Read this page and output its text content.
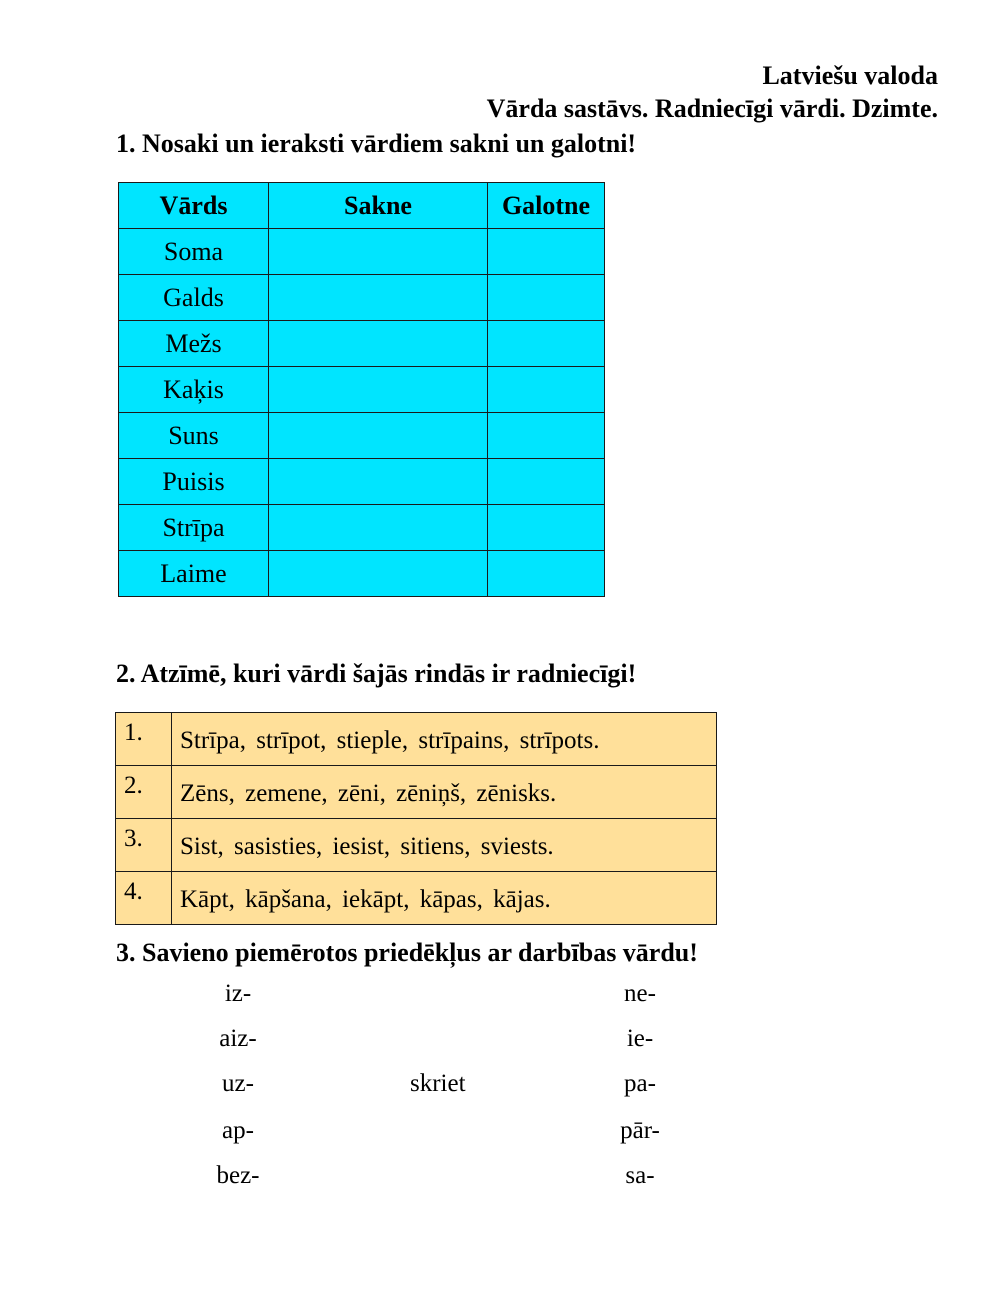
Latviešu valoda
Vārda sastāvs. Radniecīgi vārdi. Dzimte.
1. Nosaki un ieraksti vārdiem sakni un galotni!
Vārds	Sakne	Galotne
Soma		
Galds		
Mežs		
Kaķis		
Suns		
Puisis		
Strīpa		
Laime		
2. Atzīmē, kuri vārdi šajās rindās ir radniecīgi!
1.	Strīpa, strīpot, stieple, strīpains, strīpots.
2.	Zēns, zemene, zēni, zēniņš, zēnisks.
3.	Sist, sasisties, iesist, sitiens, sviests.
4.	Kāpt, kāpšana, iekāpt, kāpas, kājas.
3. Savieno piemērotos priedēkļus ar darbības vārdu!
iz-
aiz-
uz-
ap-
bez-
skriet
ne-
ie-
pa-
pār-
sa-
